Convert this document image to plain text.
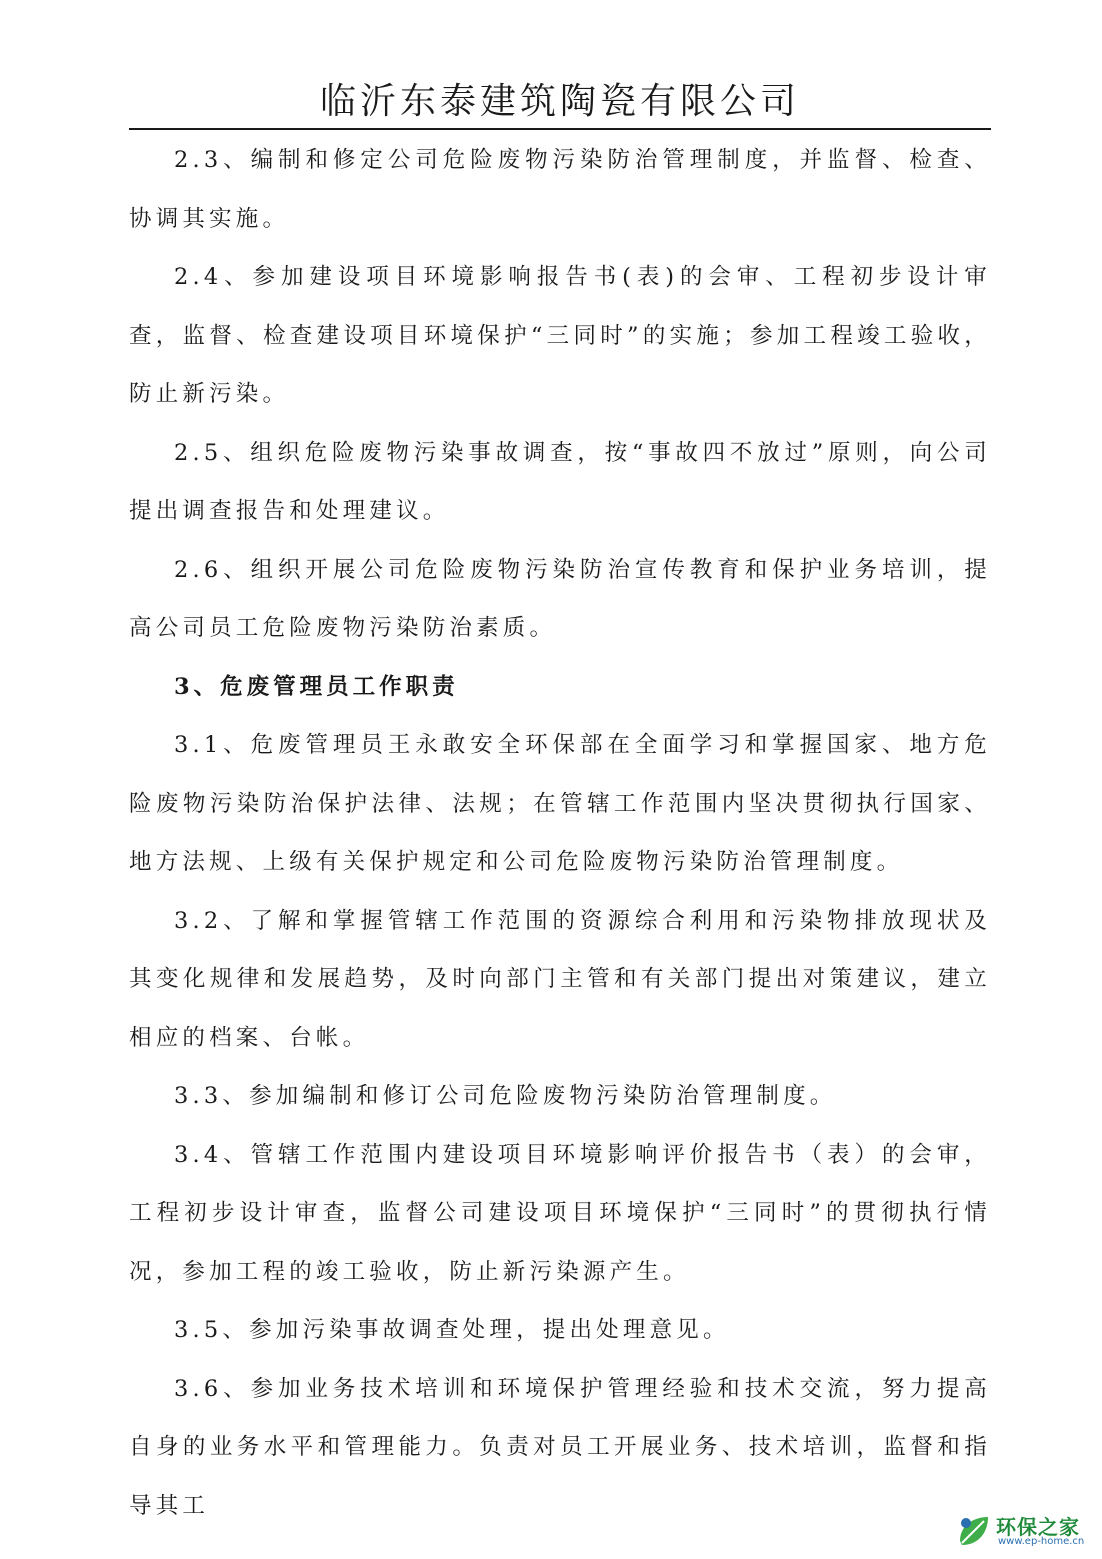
临沂东泰建筑陶瓷有限公司

2.3、编制和修定公司危险废物污染防治管理制度，并监督、检查、协调其实施。

2.4、参加建设项目环境影响报告书(表)的会审、工程初步设计审查，监督、检查建设项目环境保护“三同时”的实施；参加工程竣工验收，防止新污染。

2.5、组织危险废物污染事故调查，按“事故四不放过”原则，向公司提出调查报告和处理建议。

2.6、组织开展公司危险废物污染防治宣传教育和保护业务培训，提高公司员工危险废物污染防治素质。

3、危废管理员工作职责

3.1、危废管理员王永敢安全环保部在全面学习和掌握国家、地方危险废物污染防治保护法律、法规；在管辖工作范围内坚决贯彻执行国家、地方法规、上级有关保护规定和公司危险废物污染防治管理制度。

3.2、了解和掌握管辖工作范围的资源综合利用和污染物排放现状及其变化规律和发展趋势，及时向部门主管和有关部门提出对策建议，建立相应的档案、台帐。

3.3、参加编制和修订公司危险废物污染防治管理制度。

3.4、管辖工作范围内建设项目环境影响评价报告书（表）的会审，工程初步设计审查，监督公司建设项目环境保护“三同时”的贯彻执行情况，参加工程的竣工验收，防止新污染源产生。

3.5、参加污染事故调查处理，提出处理意见。

3.6、参加业务技术培训和环境保护管理经验和技术交流，努力提高自身的业务水平和管理能力。负责对员工开展业务、技术培训，监督和指导其工

环保之家
www.ep-home.cn
